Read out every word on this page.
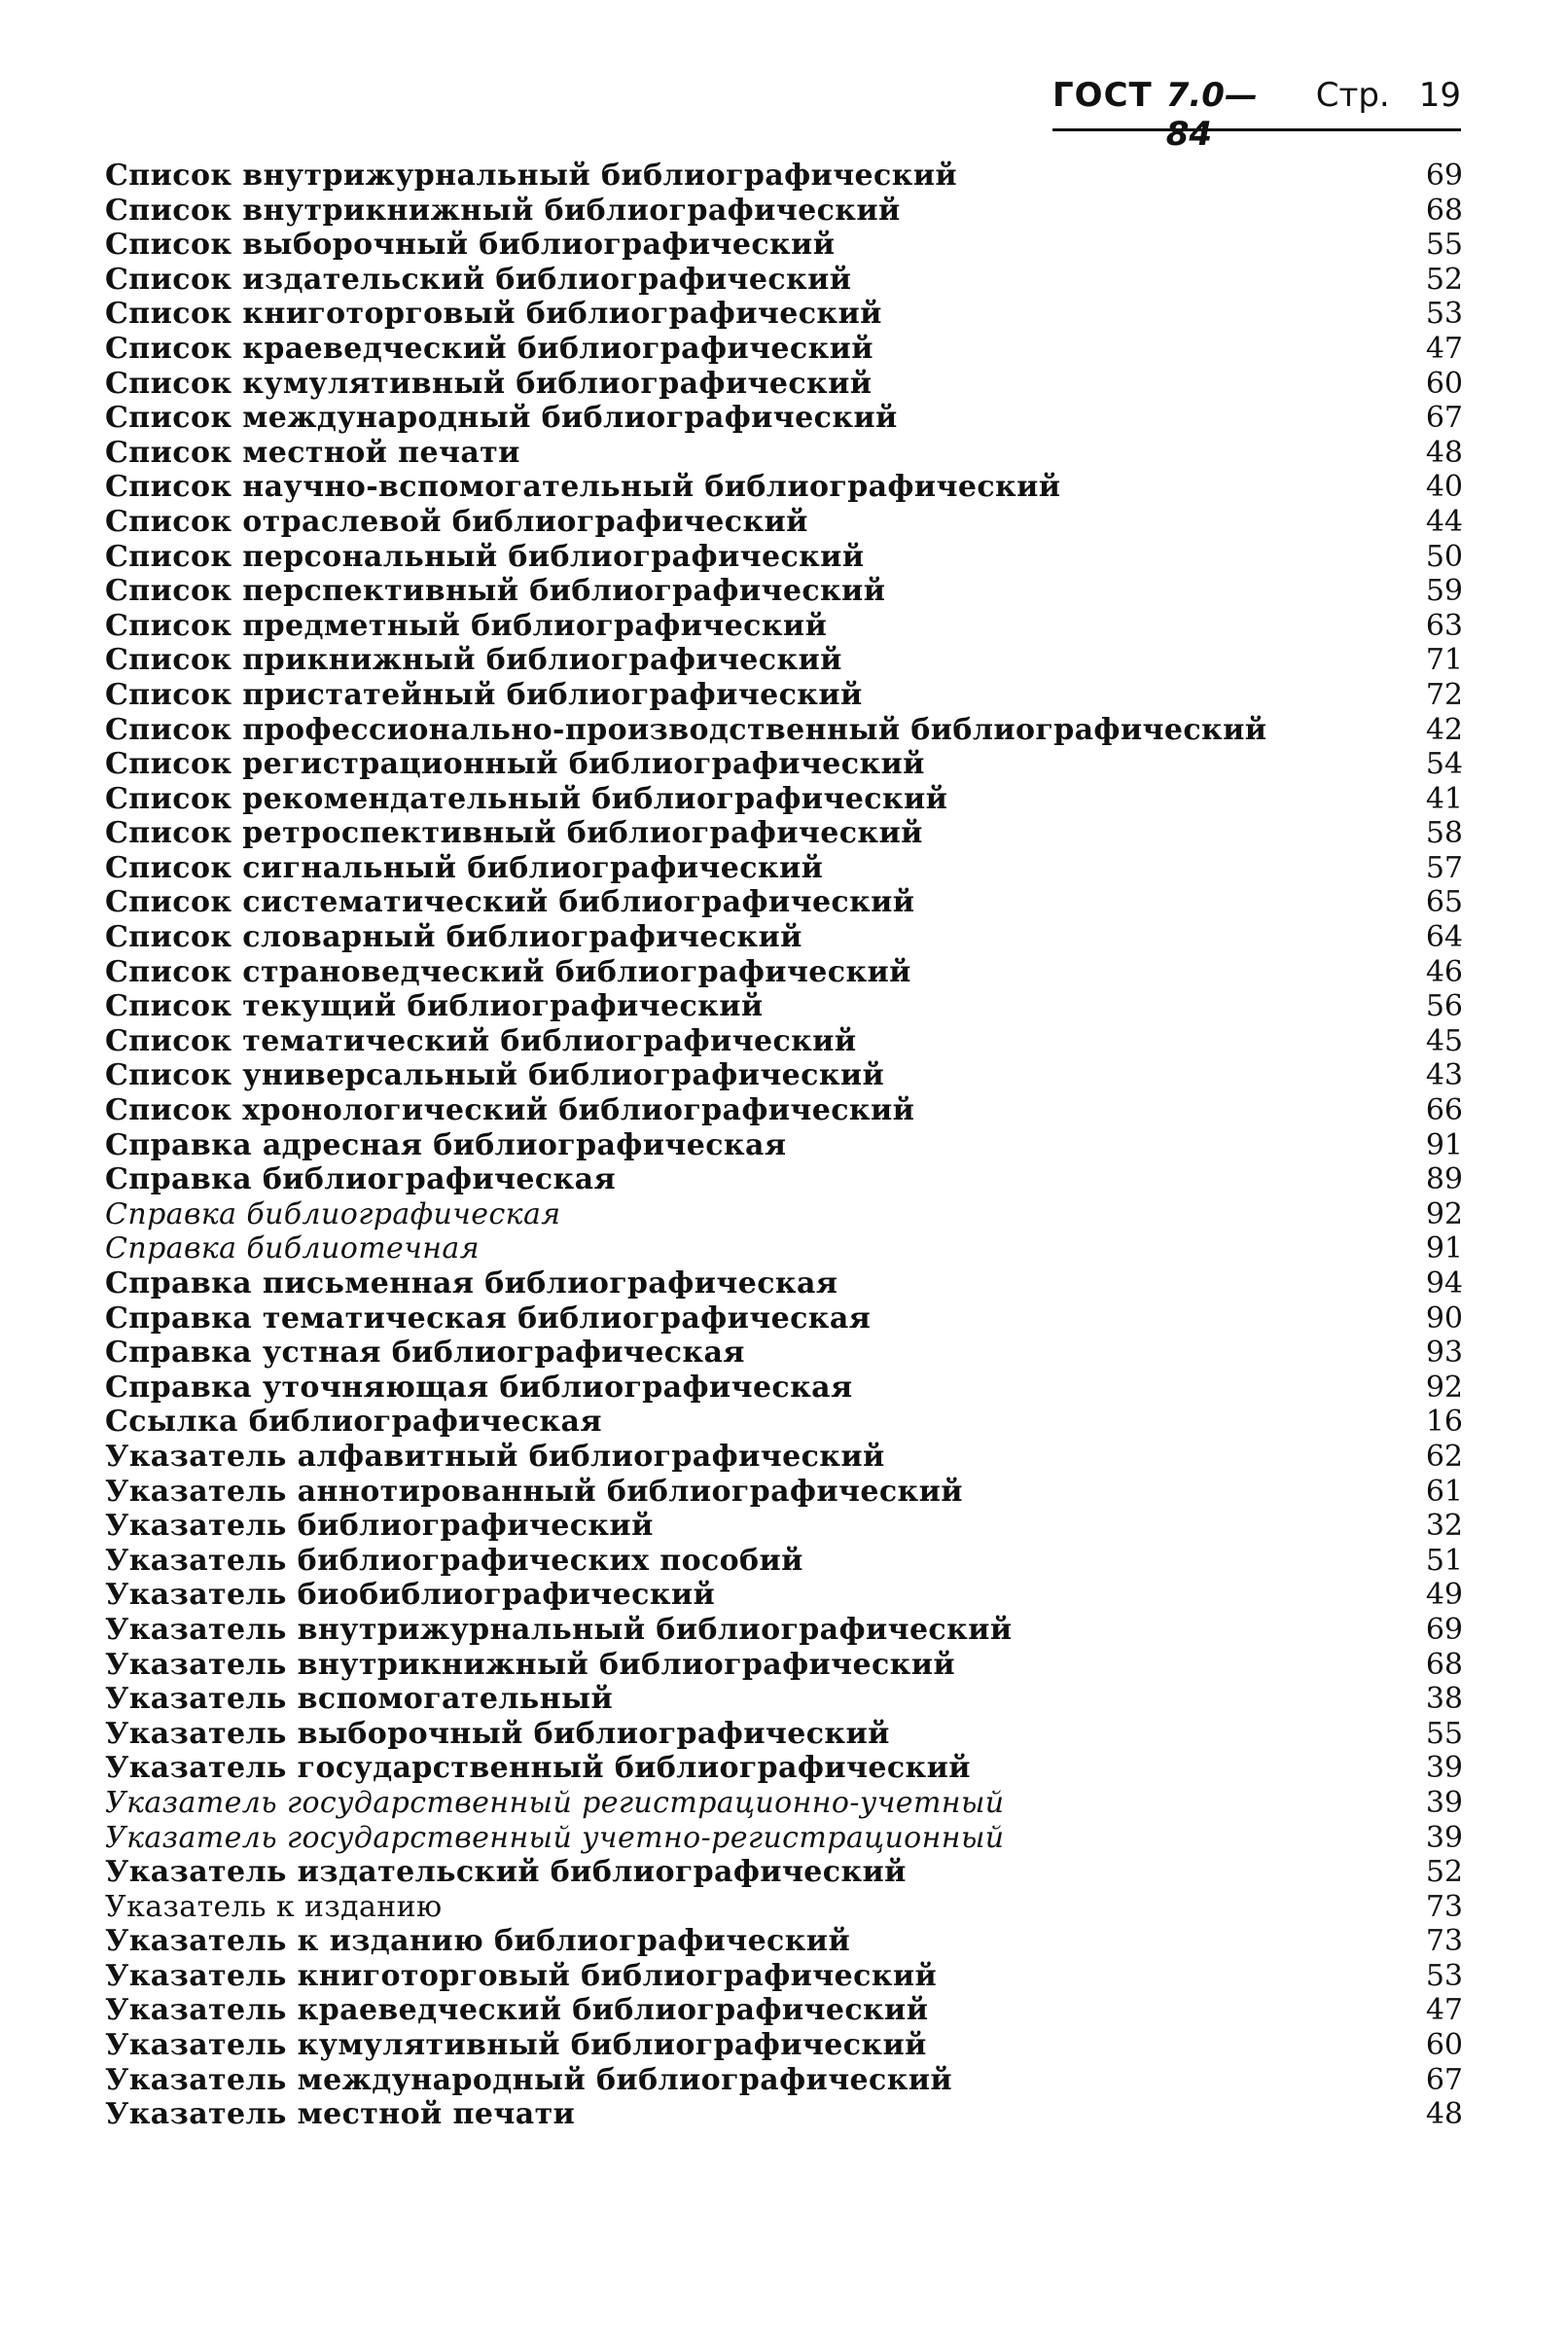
ГОСТ 7.0—84
Стр. 19
Список внутрижурнальный библиографический	69
Список внутрикнижный библиографический	68
Список выборочный библиографический	55
Список издательский библиографический	52
Список книготорговый библиографический	53
Список краеведческий библиографический	47
Список кумулятивный библиографический	60
Список международный библиографический	67
Список местной печати	48
Список научно-вспомогательный библиографический	40
Список отраслевой библиографический	44
Список персональный библиографический	50
Список перспективный библиографический	59
Список предметный библиографический	63
Список прикнижный библиографический	71
Список пристатейный библиографический	72
Список профессионально-производственный библиографический	42
Список регистрационный библиографический	54
Список рекомендательный библиографический	41
Список ретроспективный библиографический	58
Список сигнальный библиографический	57
Список систематический библиографический	65
Список словарный библиографический	64
Список страноведческий библиографический	46
Список текущий библиографический	56
Список тематический библиографический	45
Список универсальный библиографический	43
Список хронологический библиографический	66
Справка адресная библиографическая	91
Справка библиографическая	89
Справка библиографическая	92
Справка библиотечная	91
Справка письменная библиографическая	94
Справка тематическая библиографическая	90
Справка устная библиографическая	93
Справка уточняющая библиографическая	92
Ссылка библиографическая	16
Указатель алфавитный библиографический	62
Указатель аннотированный библиографический	61
Указатель библиографический	32
Указатель библиографических пособий	51
Указатель биобиблиографический	49
Указатель внутрижурнальный библиографический	69
Указатель внутрикнижный библиографический	68
Указатель вспомогательный	38
Указатель выборочный библиографический	55
Указатель государственный библиографический	39
Указатель государственный регистрационно-учетный	39
Указатель государственный учетно-регистрационный	39
Указатель издательский библиографический	52
Указатель к изданию	73
Указатель к изданию библиографический	73
Указатель книготорговый библиографический	53
Указатель краеведческий библиографический	47
Указатель кумулятивный библиографический	60
Указатель международный библиографический	67
Указатель местной печати	48
